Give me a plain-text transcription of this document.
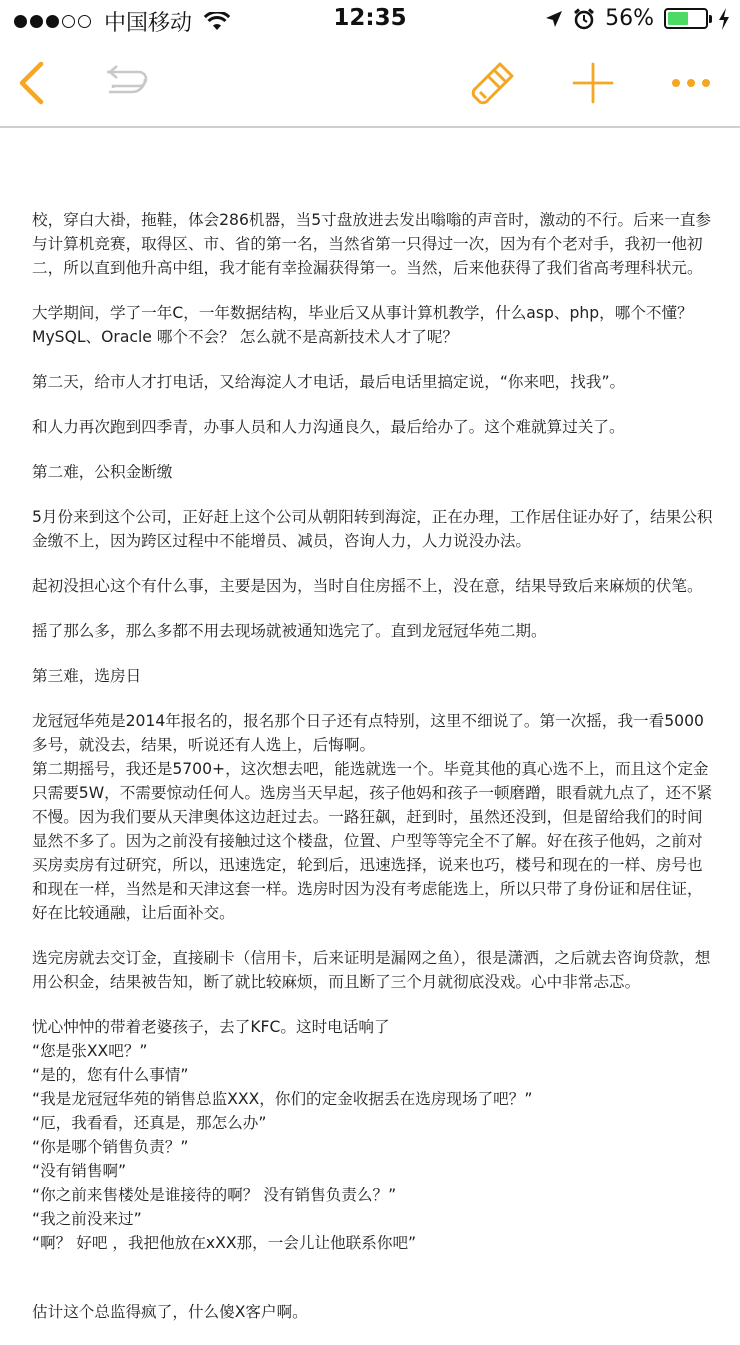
中国移动	12:35	56%

校，穿白大褂，拖鞋，体会286机器，当5寸盘放进去发出嗡嗡的声音时，激动的不行。后来一直参与计算机竞赛，取得区、市、省的第一名，当然省第一只得过一次，因为有个老对手，我初一他初二，所以直到他升高中组，我才能有幸捡漏获得第一。当然，后来他获得了我们省高考理科状元。

大学期间，学了一年C，一年数据结构，毕业后又从事计算机教学，什么asp、php，哪个不懂？MySQL、Oracle 哪个不会？ 怎么就不是高新技术人才了呢？

第二天，给市人才打电话，又给海淀人才电话，最后电话里搞定说，“你来吧，找我”。

和人力再次跑到四季青，办事人员和人力沟通良久，最后给办了。这个难就算过关了。

第二难，公积金断缴

5月份来到这个公司，正好赶上这个公司从朝阳转到海淀，正在办理，工作居住证办好了，结果公积金缴不上，因为跨区过程中不能增员、减员，咨询人力，人力说没办法。

起初没担心这个有什么事，主要是因为，当时自住房摇不上，没在意，结果导致后来麻烦的伏笔。

摇了那么多，那么多都不用去现场就被通知选完了。直到龙冠冠华苑二期。

第三难，选房日

龙冠冠华苑是2014年报名的，报名那个日子还有点特别，这里不细说了。第一次摇，我一看5000多号，就没去，结果，听说还有人选上，后悔啊。
第二期摇号，我还是5700+，这次想去吧，能选就选一个。毕竟其他的真心选不上，而且这个定金只需要5W，不需要惊动任何人。选房当天早起，孩子他妈和孩子一顿磨蹭，眼看就九点了，还不紧不慢。因为我们要从天津奥体这边赶过去。一路狂飙，赶到时，虽然还没到，但是留给我们的时间显然不多了。因为之前没有接触过这个楼盘，位置、户型等等完全不了解。好在孩子他妈，之前对买房卖房有过研究，所以，迅速选定，轮到后，迅速选择，说来也巧，楼号和现在的一样、房号也和现在一样，当然是和天津这套一样。选房时因为没有考虑能选上，所以只带了身份证和居住证，好在比较通融，让后面补交。

选完房就去交订金，直接刷卡（信用卡，后来证明是漏网之鱼），很是潇洒，之后就去咨询贷款，想用公积金，结果被告知，断了就比较麻烦，而且断了三个月就彻底没戏。心中非常忐忑。

忧心忡忡的带着老婆孩子，去了KFC。这时电话响了
“您是张XX吧？”
“是的，您有什么事情”
“我是龙冠冠华苑的销售总监XXX，你们的定金收据丢在选房现场了吧？”
“厄，我看看，还真是，那怎么办”
“你是哪个销售负责？”
“没有销售啊”
“你之前来售楼处是谁接待的啊？ 没有销售负责么？”
“我之前没来过”
“啊？ 好吧 ，我把他放在xXX那，一会儿让他联系你吧”

估计这个总监得疯了，什么傻X客户啊。
